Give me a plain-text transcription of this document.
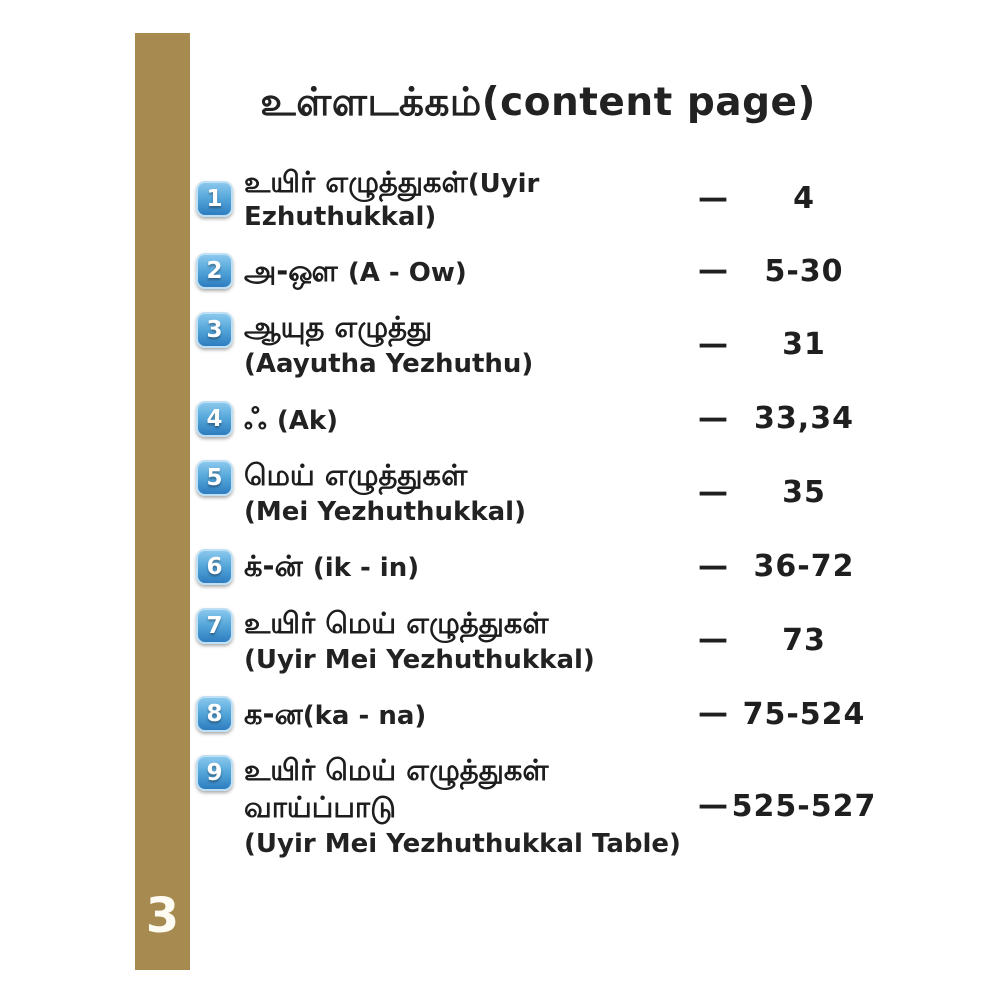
3
உள்ளடக்கம்(content page)
1 உயிர் எழுத்துகள்(Uyir Ezhuthukkal)
—	4
2 அ-ஔ (A - Ow)	—	5-30
3 ஆயுத எழுத்து
(Aayutha Yezhuthu)
—	31
4 ஃ (Ak)	— 33,34
5 மெய் எழுத்துகள்
(Mei Yezhuthukkal)
—	35
6 க்-ன் (ik - in)	— 36-72
7 உயிர் மெய் எழுத்துகள்
(Uyir Mei Yezhuthukkal)
—	73
8 க-ன(ka - na)	— 75-524
9 உயிர் மெய் எழுத்துகள் வாய்ப்பாடு
(Uyir Mei Yezhuthukkal Table)
— 525-527
